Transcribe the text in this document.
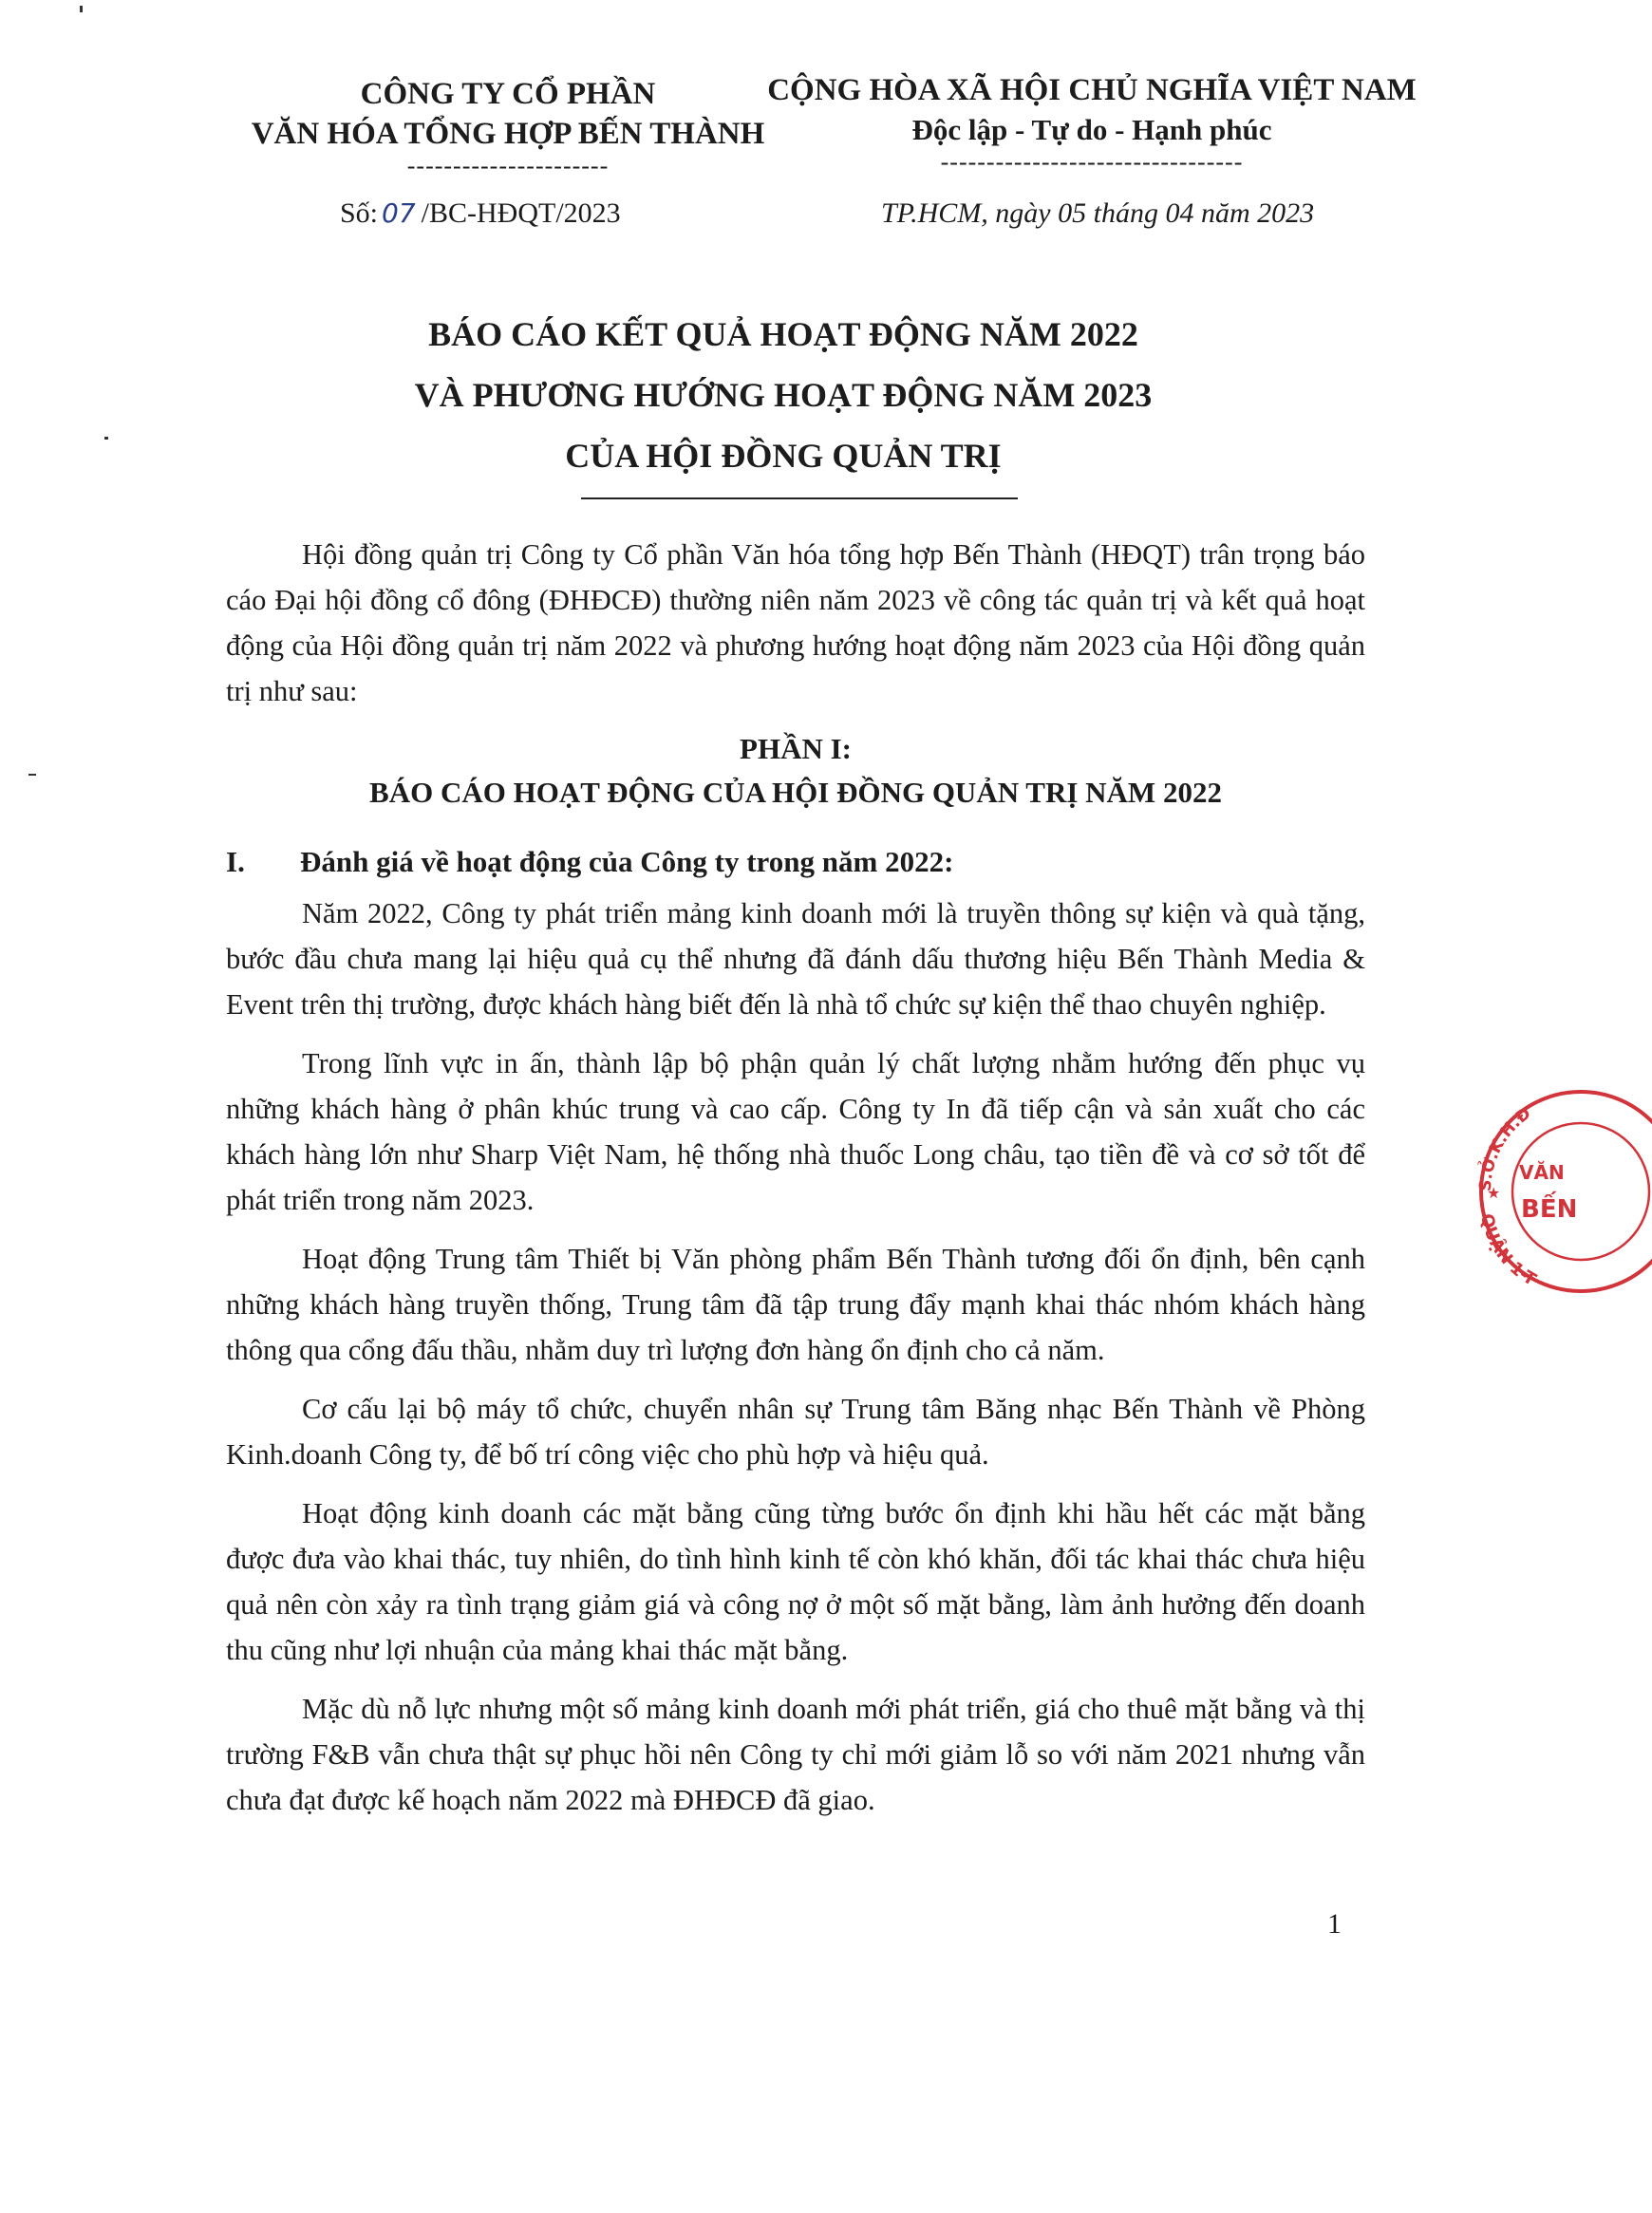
CÔNG TY CỔ PHẦN
VĂN HÓA TỔNG HỢP BẾN THÀNH
----------------------
CỘNG HÒA XÃ HỘI CHỦ NGHĨA VIỆT NAM
Độc lập - Tự do - Hạnh phúc
---------------------------------
Số: 07 /BC-HĐQT/2023	TP.HCM, ngày 05 tháng 04 năm 2023
BÁO CÁO KẾT QUẢ HOẠT ĐỘNG NĂM 2022
VÀ PHƯƠNG HƯỚNG HOẠT ĐỘNG NĂM 2023
CỦA HỘI ĐỒNG QUẢN TRỊ

Hội đồng quản trị Công ty Cổ phần Văn hóa tổng hợp Bến Thành (HĐQT) trân trọng báo cáo Đại hội đồng cổ đông (ĐHĐCĐ) thường niên năm 2023 về công tác quản trị và kết quả hoạt động của Hội đồng quản trị năm 2022 và phương hướng hoạt động năm 2023 của Hội đồng quản trị như sau:

PHẦN I:
BÁO CÁO HOẠT ĐỘNG CỦA HỘI ĐỒNG QUẢN TRỊ NĂM 2022
I.	Đánh giá về hoạt động của Công ty trong năm 2022:

Năm 2022, Công ty phát triển mảng kinh doanh mới là truyền thông sự kiện và quà tặng, bước đầu chưa mang lại hiệu quả cụ thể nhưng đã đánh dấu thương hiệu Bến Thành Media & Event trên thị trường, được khách hàng biết đến là nhà tổ chức sự kiện thể thao chuyên nghiệp.

Trong lĩnh vực in ấn, thành lập bộ phận quản lý chất lượng nhằm hướng đến phục vụ những khách hàng ở phân khúc trung và cao cấp. Công ty In đã tiếp cận và sản xuất cho các khách hàng lớn như Sharp Việt Nam, hệ thống nhà thuốc Long châu, tạo tiền đề và cơ sở tốt để phát triển trong năm 2023.

Hoạt động Trung tâm Thiết bị Văn phòng phẩm Bến Thành tương đối ổn định, bên cạnh những khách hàng truyền thống, Trung tâm đã tập trung đẩy mạnh khai thác nhóm khách hàng thông qua cổng đấu thầu, nhằm duy trì lượng đơn hàng ổn định cho cả năm.

Cơ cấu lại bộ máy tổ chức, chuyển nhân sự Trung tâm Băng nhạc Bến Thành về Phòng Kinh.doanh Công ty, để bố trí công việc cho phù hợp và hiệu quả.

Hoạt động kinh doanh các mặt bằng cũng từng bước ổn định khi hầu hết các mặt bằng được đưa vào khai thác, tuy nhiên, do tình hình kinh tế còn khó khăn, đối tác khai thác chưa hiệu quả nên còn xảy ra tình trạng giảm giá và công nợ ở một số mặt bằng, làm ảnh hưởng đến doanh thu cũng như lợi nhuận của mảng khai thác mặt bằng.

Mặc dù nỗ lực nhưng một số mảng kinh doanh mới phát triển, giá cho thuê mặt bằng và thị trường F&B vẫn chưa thật sự phục hồi nên Công ty chỉ mới giảm lỗ so với năm 2021 nhưng vẫn chưa đạt được kế hoạch năm 2022 mà ĐHĐCĐ đã giao.

1
S.Ở.K.H.Đ
QUẬN 1-T
VĂN
BẾN
★
